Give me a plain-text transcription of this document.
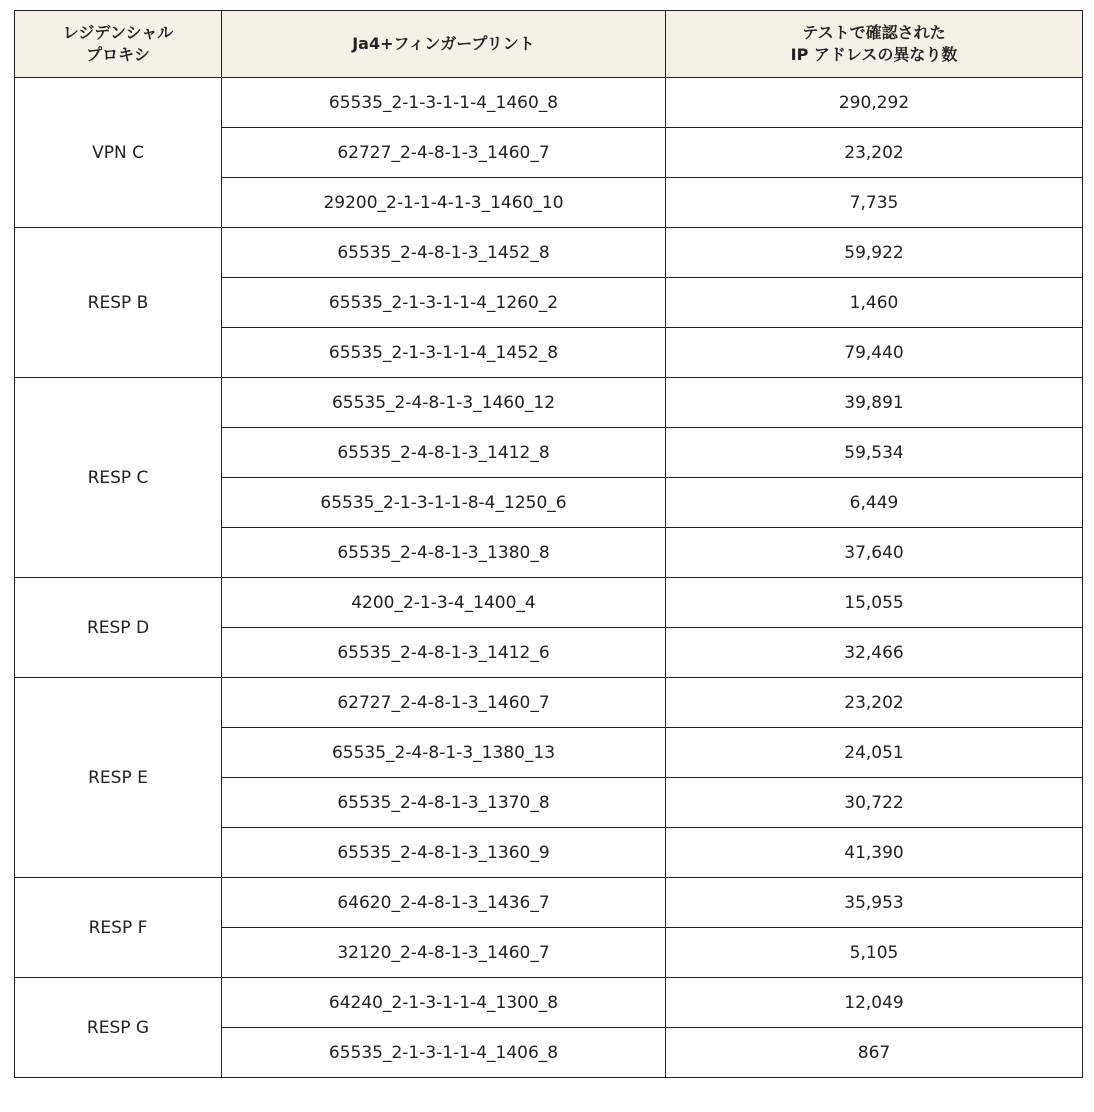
レジデンシャル
プロキシ	Ja4+フィンガープリント	テストで確認された
IP アドレスの異なり数

VPN C	65535_2-1-3-1-1-4_1460_8	290,292
	62727_2-4-8-1-3_1460_7	23,202
	29200_2-1-1-4-1-3_1460_10	7,735
RESP B	65535_2-4-8-1-3_1452_8	59,922
	65535_2-1-3-1-1-4_1260_2	1,460
	65535_2-1-3-1-1-4_1452_8	79,440
RESP C	65535_2-4-8-1-3_1460_12	39,891
	65535_2-4-8-1-3_1412_8	59,534
	65535_2-1-3-1-1-8-4_1250_6	6,449
	65535_2-4-8-1-3_1380_8	37,640
RESP D	4200_2-1-3-4_1400_4	15,055
	65535_2-4-8-1-3_1412_6	32,466
RESP E	62727_2-4-8-1-3_1460_7	23,202
	65535_2-4-8-1-3_1380_13	24,051
	65535_2-4-8-1-3_1370_8	30,722
	65535_2-4-8-1-3_1360_9	41,390
RESP F	64620_2-4-8-1-3_1436_7	35,953
	32120_2-4-8-1-3_1460_7	5,105
RESP G	64240_2-1-3-1-1-4_1300_8	12,049
	65535_2-1-3-1-1-4_1406_8	867
